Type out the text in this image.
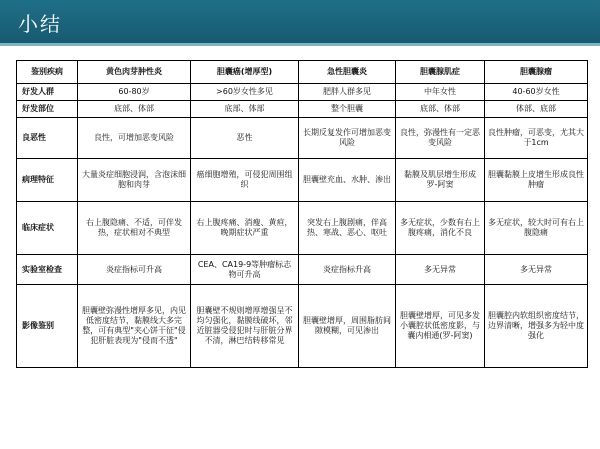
小结
鉴别疾病	黄色肉芽肿性炎	胆囊癌(增厚型)	急性胆囊炎	胆囊腺肌症	胆囊腺瘤
好发人群	60-80岁	>60岁女性多见	肥胖人群多见	中年女性	40-60岁女性
好发部位	底部、体部	底部、体部	整个胆囊	底部、体部	体部、底部
良恶性	良性，可增加恶变风险	恶性	长期反复发作可增加恶变风险	良性，弥漫性有一定恶变风险	良性肿瘤，可恶变，尤其大于1cm
病理特征	大量炎症细胞浸润，含泡沫细胞和肉芽	癌细胞增殖，可侵犯周围组织	胆囊壁充血、水肿、渗出	黏膜及肌层增生形成罗-阿窦	胆囊黏膜上皮增生形成良性肿瘤
临床症状	右上腹隐痛、不适，可伴发热，症状相对不典型	右上腹疼痛、消瘦、黄疸，晚期症状严重	突发右上腹剧痛，伴高热、寒战、恶心、呕吐	多无症状，少数有右上腹疼痛，消化不良	多无症状，较大时可有右上腹隐痛
实验室检查	炎症指标可升高	CEA、CA19-9等肿瘤标志物可升高	炎症指标升高	多无异常	多无异常
影像鉴别	胆囊壁弥漫性增厚多见，内见低密度结节，黏膜线大多完整，可有典型"夹心饼干征"侵犯肝脏表现为"侵而不透"	胆囊壁不规则增厚增强呈不均匀强化，黏膜线破坏，邻近脏器受侵犯时与肝脏分界不清，淋巴结转移常见	胆囊壁增厚，周围脂肪间隙模糊，可见渗出	胆囊壁增厚，可见多发小囊腔状低密度影，与囊内相通(罗-阿窦)	胆囊腔内软组织密度结节，边界清晰，增强多为轻中度强化
